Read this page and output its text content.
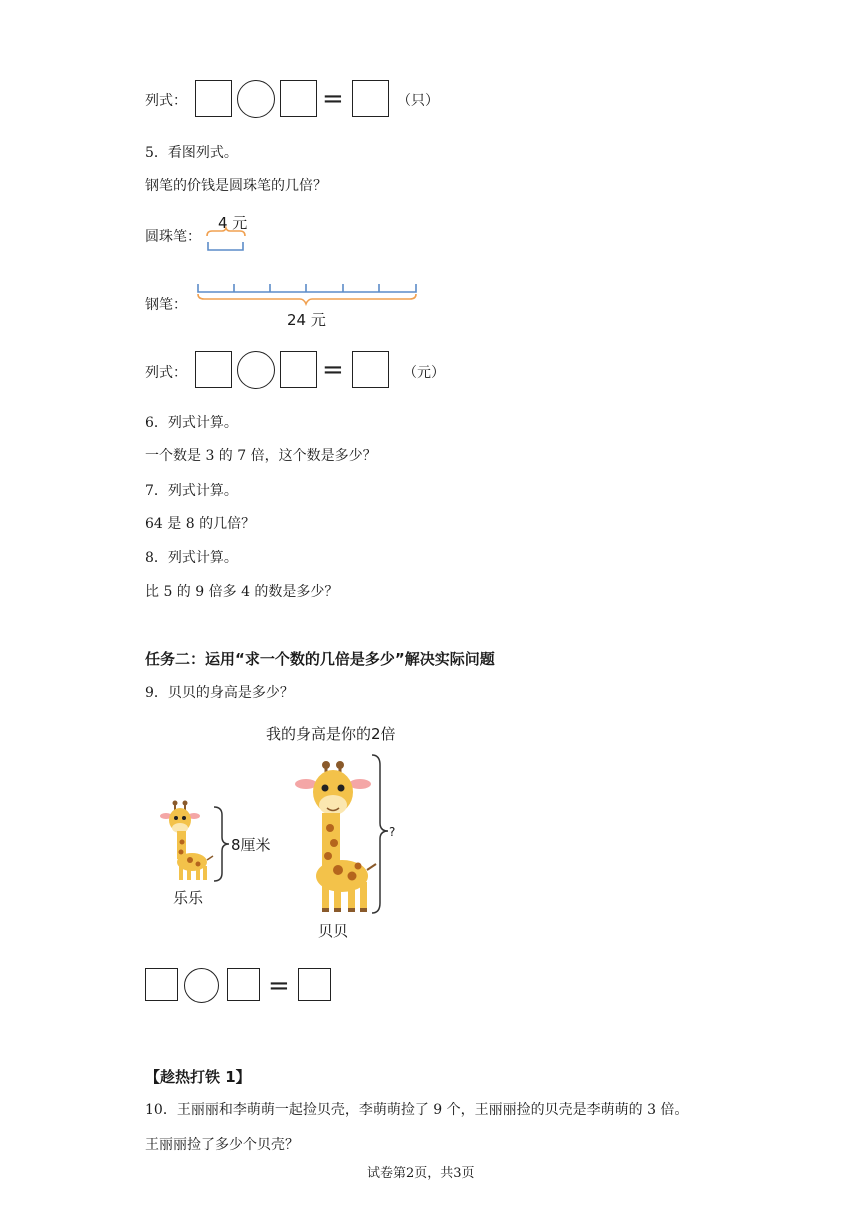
列式：	=	（只）
5．看图列式。
钢笔的价钱是圆珠笔的几倍？
圆珠笔：
4 元
钢笔：
24 元
列式：	=	（元）
6．列式计算。
一个数是 3 的 7 倍，这个数是多少？
7．列式计算。
64 是 8 的几倍？
8．列式计算。
比 5 的 9 倍多 4 的数是多少？
任务二：运用“求一个数的几倍是多少”解决实际问题
9．贝贝的身高是多少？
我的身高是你的2倍
8厘米
乐乐
?
贝贝
=
【趁热打铁 1】
10．王丽丽和李萌萌一起捡贝壳，李萌萌捡了 9 个，王丽丽捡的贝壳是李萌萌的 3 倍。
王丽丽捡了多少个贝壳？
试卷第2页，共3页
